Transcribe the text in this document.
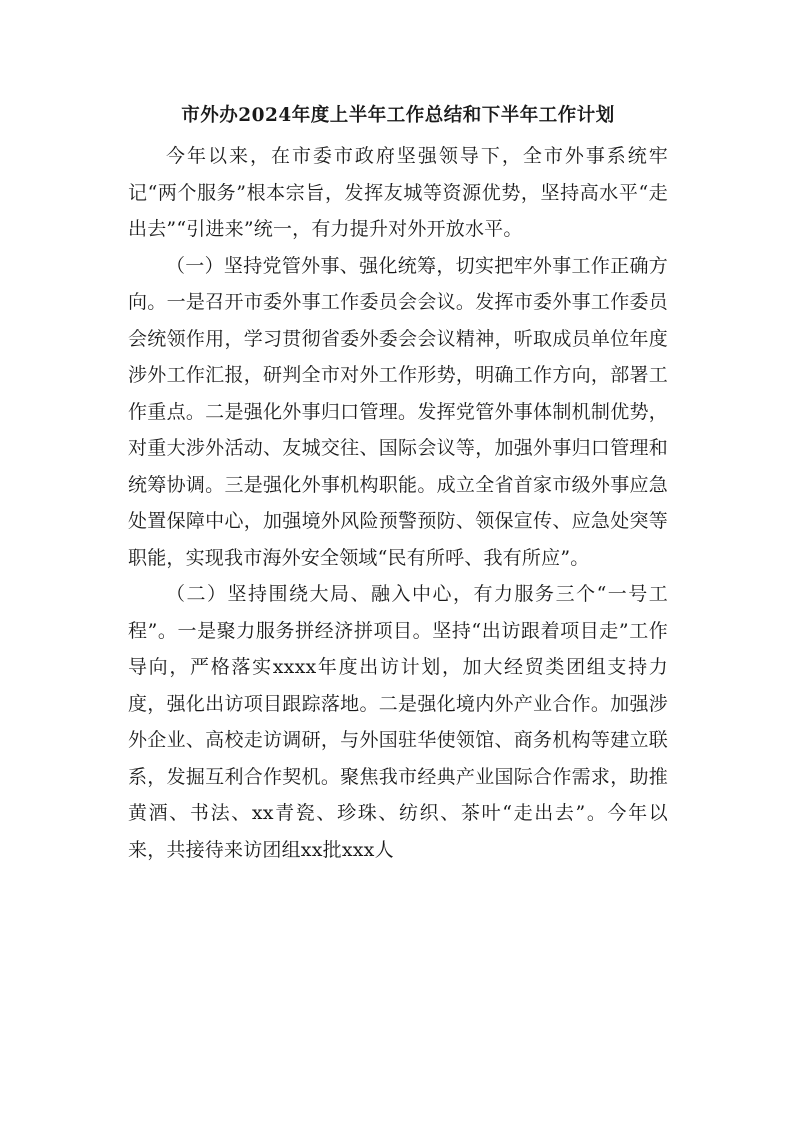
市外办2024年度上半年工作总结和下半年工作计划

今年以来，在市委市政府坚强领导下，全市外事系统牢记“两个服务”根本宗旨，发挥友城等资源优势，坚持高水平“走出去”“引进来”统一，有力提升对外开放水平。

（一）坚持党管外事、强化统筹，切实把牢外事工作正确方向。一是召开市委外事工作委员会会议。发挥市委外事工作委员会统领作用，学习贯彻省委外委会会议精神，听取成员单位年度涉外工作汇报，研判全市对外工作形势，明确工作方向，部署工作重点。二是强化外事归口管理。发挥党管外事体制机制优势，对重大涉外活动、友城交往、国际会议等，加强外事归口管理和统筹协调。三是强化外事机构职能。成立全省首家市级外事应急处置保障中心，加强境外风险预警预防、领保宣传、应急处突等职能，实现我市海外安全领域“民有所呼、我有所应”。

（二）坚持围绕大局、融入中心，有力服务三个“一号工程”。一是聚力服务拼经济拼项目。坚持“出访跟着项目走”工作导向，严格落实xxxx年度出访计划，加大经贸类团组支持力度，强化出访项目跟踪落地。二是强化境内外产业合作。加强涉外企业、高校走访调研，与外国驻华使领馆、商务机构等建立联系，发掘互利合作契机。聚焦我市经典产业国际合作需求，助推黄酒、书法、xx青瓷、珍珠、纺织、茶叶“走出去”。今年以来，共接待来访团组xx批xxx人
